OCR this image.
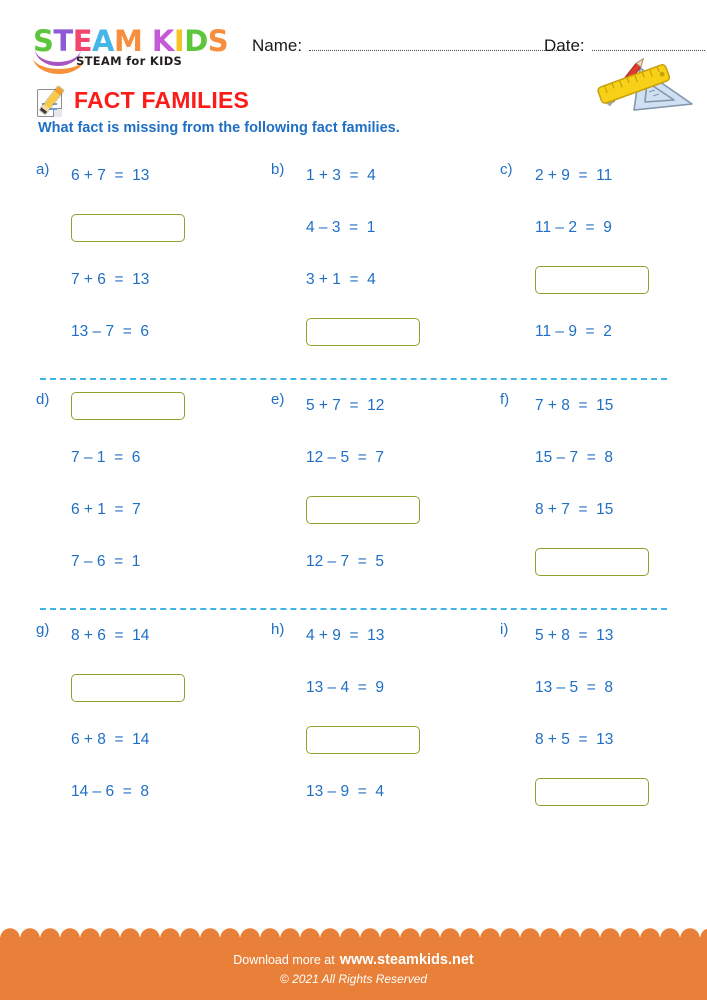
STEAM KIDS
STEAM for KIDS
Name:	Date:
FACT FAMILIES
What fact is missing from the following fact families.
a) 6 + 7  =  13
7 + 6  =  13
13 – 7  =  6
b) 1 + 3  =  4
4 – 3  =  1
3 + 1  =  4
c) 2 + 9  =  11
11 – 2  =  9
11 – 9  =  2
d)
7 – 1  =  6
6 + 1  =  7
7 – 6  =  1
e) 5 + 7  =  12
12 – 5  =  7
12 – 7  =  5
f) 7 + 8  =  15
15 – 7  =  8
8 + 7  =  15
g) 8 + 6  =  14
6 + 8  =  14
14 – 6  =  8
h) 4 + 9  =  13
13 – 4  =  9
13 – 9  =  4
i) 5 + 8  =  13
13 – 5  =  8
8 + 5  =  13
Download more at www.steamkids.net
© 2021 All Rights Reserved
